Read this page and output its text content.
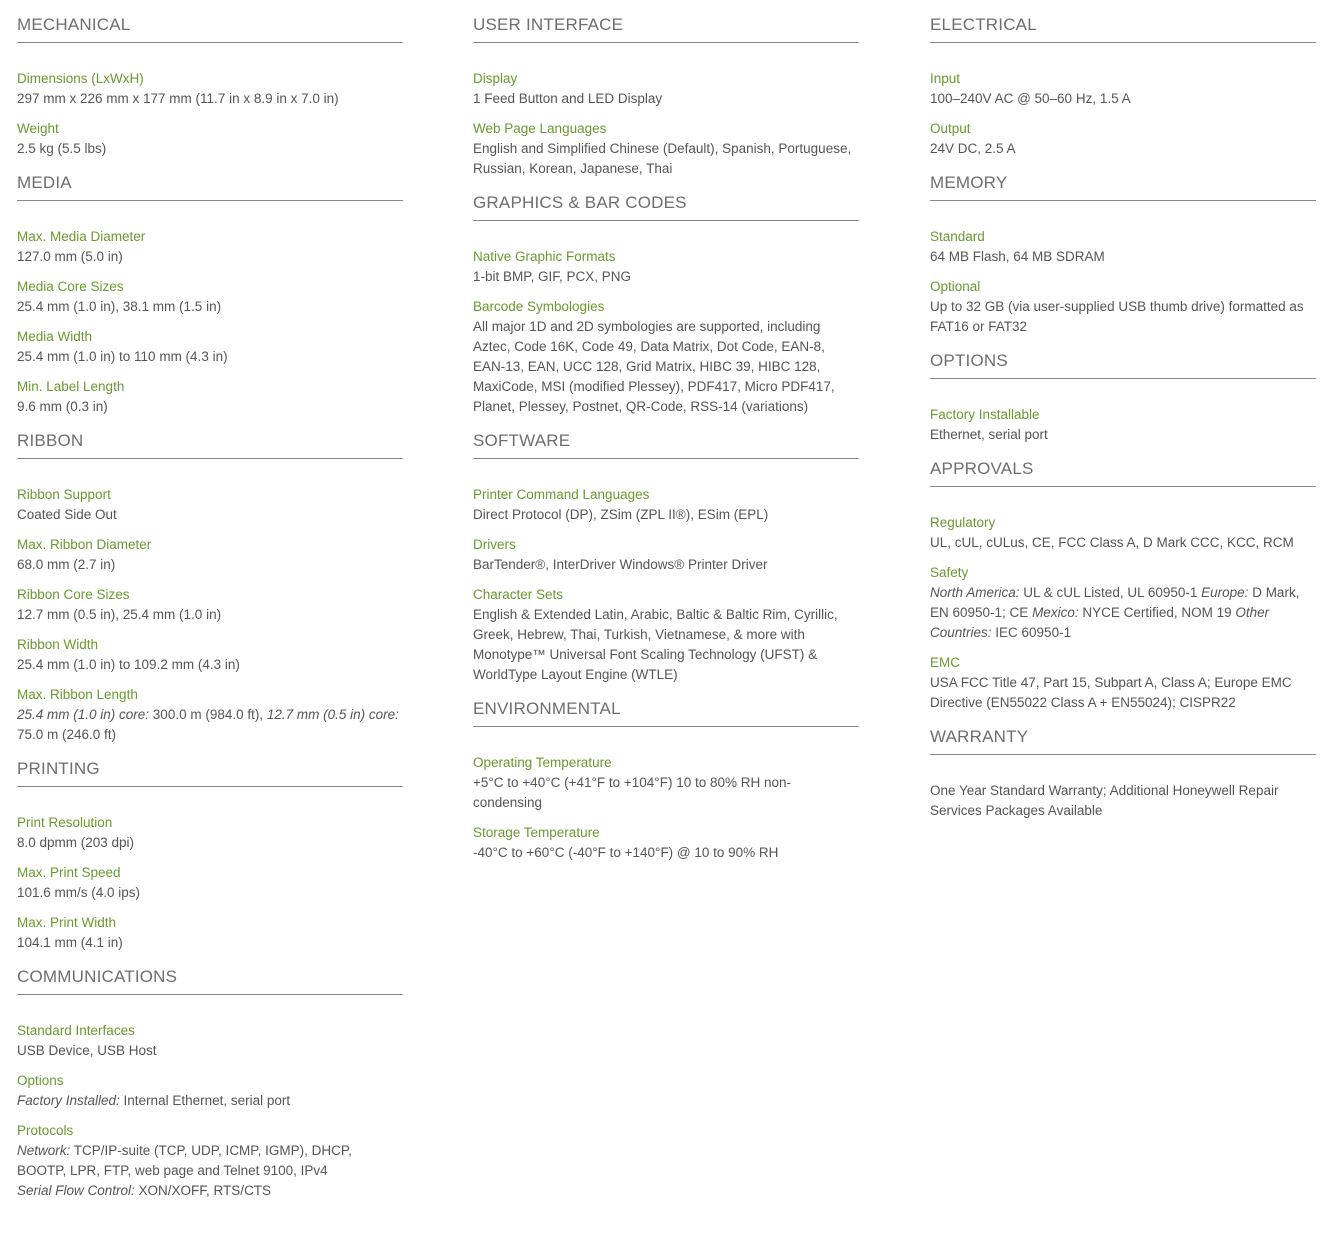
MECHANICAL
Dimensions (LxWxH)
297 mm x 226 mm x 177 mm (11.7 in x 8.9 in x 7.0 in)
Weight
2.5 kg (5.5 lbs)
MEDIA
Max. Media Diameter
127.0 mm (5.0 in)
Media Core Sizes
25.4 mm (1.0 in), 38.1 mm (1.5 in)
Media Width
25.4 mm (1.0 in) to 110 mm (4.3 in)
Min. Label Length
9.6 mm (0.3 in)
RIBBON
Ribbon Support
Coated Side Out
Max. Ribbon Diameter
68.0 mm (2.7 in)
Ribbon Core Sizes
12.7 mm (0.5 in), 25.4 mm (1.0 in)
Ribbon Width
25.4 mm (1.0 in) to 109.2 mm (4.3 in)
Max. Ribbon Length
25.4 mm (1.0 in) core: 300.0 m (984.0 ft), 12.7 mm (0.5 in) core: 75.0 m (246.0 ft)
PRINTING
Print Resolution
8.0 dpmm (203 dpi)
Max. Print Speed
101.6 mm/s (4.0 ips)
Max. Print Width
104.1 mm (4.1 in)
COMMUNICATIONS
Standard Interfaces
USB Device, USB Host
Options
Factory Installed: Internal Ethernet, serial port
Protocols
Network: TCP/IP-suite (TCP, UDP, ICMP, IGMP), DHCP, BOOTP, LPR, FTP, web page and Telnet 9100, IPv4
Serial Flow Control: XON/XOFF, RTS/CTS
USER INTERFACE
Display
1 Feed Button and LED Display
Web Page Languages
English and Simplified Chinese (Default), Spanish, Portuguese, Russian, Korean, Japanese, Thai
GRAPHICS & BAR CODES
Native Graphic Formats
1-bit BMP, GIF, PCX, PNG
Barcode Symbologies
All major 1D and 2D symbologies are supported, including Aztec, Code 16K, Code 49, Data Matrix, Dot Code, EAN-8, EAN-13, EAN, UCC 128, Grid Matrix, HIBC 39, HIBC 128, MaxiCode, MSI (modified Plessey), PDF417, Micro PDF417, Planet, Plessey, Postnet, QR-Code, RSS-14 (variations)
SOFTWARE
Printer Command Languages
Direct Protocol (DP), ZSim (ZPL II®), ESim (EPL)
Drivers
BarTender®, InterDriver Windows® Printer Driver
Character Sets
English & Extended Latin, Arabic, Baltic & Baltic Rim, Cyrillic, Greek, Hebrew, Thai, Turkish, Vietnamese, & more with Monotype™ Universal Font Scaling Technology (UFST) & WorldType Layout Engine (WTLE)
ENVIRONMENTAL
Operating Temperature
+5°C to +40°C (+41°F to +104°F) 10 to 80% RH non-condensing
Storage Temperature
-40°C to +60°C (-40°F to +140°F) @ 10 to 90% RH
ELECTRICAL
Input
100–240V AC @ 50–60 Hz, 1.5 A
Output
24V DC, 2.5 A
MEMORY
Standard
64 MB Flash, 64 MB SDRAM
Optional
Up to 32 GB (via user-supplied USB thumb drive) formatted as FAT16 or FAT32
OPTIONS
Factory Installable
Ethernet, serial port
APPROVALS
Regulatory
UL, cUL, cULus, CE, FCC Class A, D Mark CCC, KCC, RCM
Safety
North America: UL & cUL Listed, UL 60950-1 Europe: D Mark, EN 60950-1; CE Mexico: NYCE Certified, NOM 19 Other Countries: IEC 60950-1
EMC
USA FCC Title 47, Part 15, Subpart A, Class A; Europe EMC Directive (EN55022 Class A + EN55024); CISPR22
WARRANTY
One Year Standard Warranty; Additional Honeywell Repair Services Packages Available
